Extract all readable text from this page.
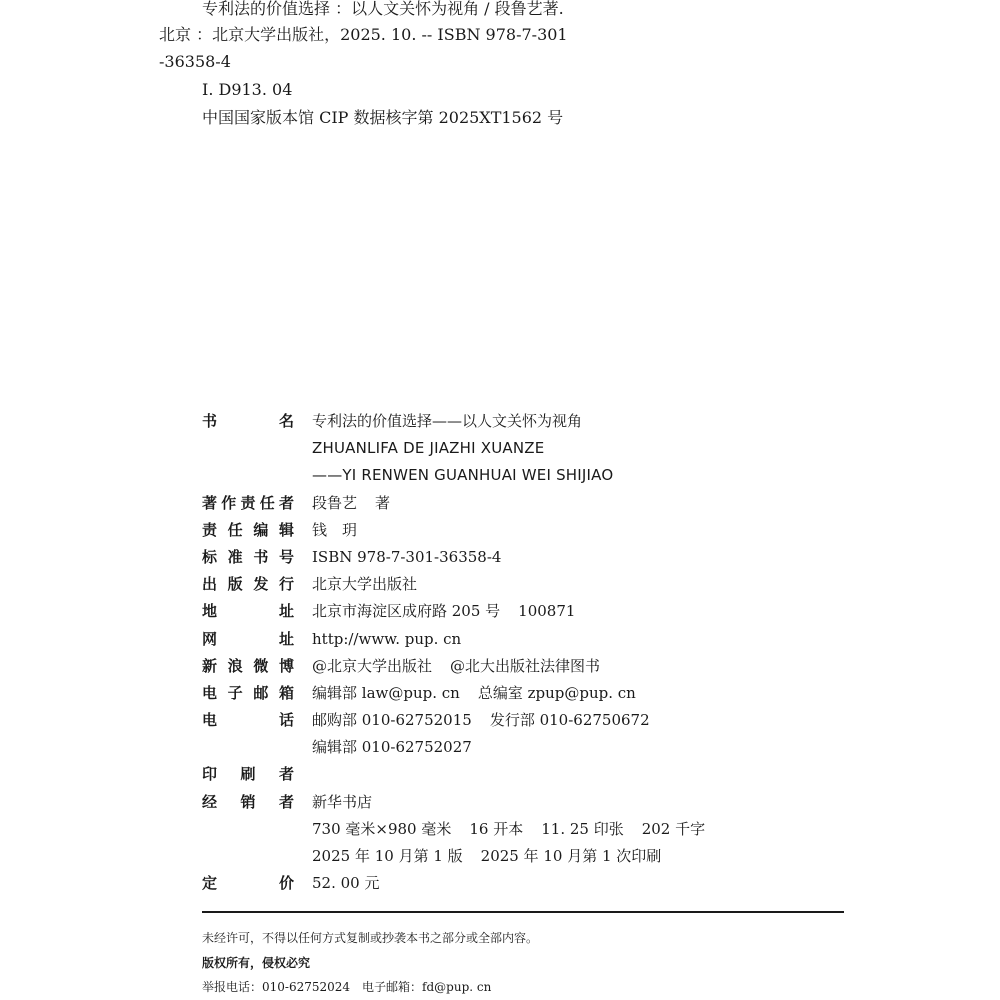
专利法的价值选择 ：以人文关怀为视角 / 段鲁艺著.
北京 ：北京大学出版社，2025. 10. -- ISBN 978-7-301
-36358-4
Ⅰ. D913. 04
中国国家版本馆 CIP 数据核字第 2025XT1562 号
书	名 专利法的价值选择——以人文关怀为视角
ZHUANLIFA DE JIAZHI XUANZE
——YI RENWEN GUANHUAI WEI SHIJIAO
著 作 责 任 者 段鲁艺 著
责 任 编 辑 钱　玥
标 准 书 号 ISBN 978-7-301-36358-4
出 版 发 行 北京大学出版社
地	址 北京市海淀区成府路 205 号 100871
网	址 http://www. pup. cn
新 浪 微 博 @北京大学出版社 @北大出版社法律图书
电 子 邮 箱 编辑部 law@pup. cn 总编室 zpup@pup. cn
电	话 邮购部 010-62752015 发行部 010-62750672
编辑部 010-62752027
印 刷 者
经 销 者 新华书店
730 毫米×980 毫米 16 开本 11. 25 印张 202 千字
2025 年 10 月第 1 版 2025 年 10 月第 1 次印刷
定	价 52. 00 元
未经许可，不得以任何方式复制或抄袭本书之部分或全部内容。
版权所有，侵权必究
举报电话：010-62752024　电子邮箱：fd@pup. cn
